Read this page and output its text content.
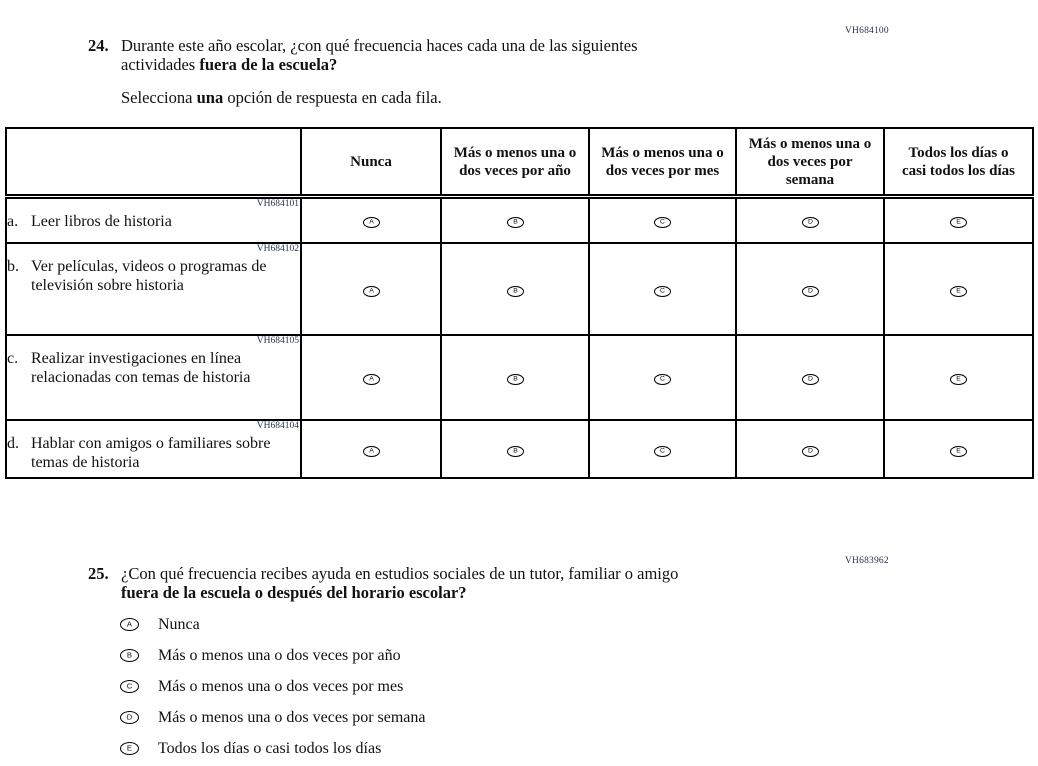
VH684100
24. Durante este año escolar, ¿con qué frecuencia haces cada una de las siguientes
actividades fuera de la escuela?
Selecciona una opción de respuesta en cada fila.
	Nunca	Más o menos una o dos veces por año	Más o menos una o dos veces por mes	Más o menos una o dos veces por semana	Todos los días o casi todos los días

VH684101
a. Leer libros de historia	A	B	C	D	E

VH684102
b. Ver películas, videos o programas de televisión sobre historia	A	B	C	D	E

VH684105
c. Realizar investigaciones en línea relacionadas con temas de historia	A	B	C	D	E

VH684104
d. Hablar con amigos o familiares sobre temas de historia	A	B	C	D	E
VH683962
25. ¿Con qué frecuencia recibes ayuda en estudios sociales de un tutor, familiar o amigo
fuera de la escuela o después del horario escolar?
A Nunca
B Más o menos una o dos veces por año
C Más o menos una o dos veces por mes
D Más o menos una o dos veces por semana
E Todos los días o casi todos los días
